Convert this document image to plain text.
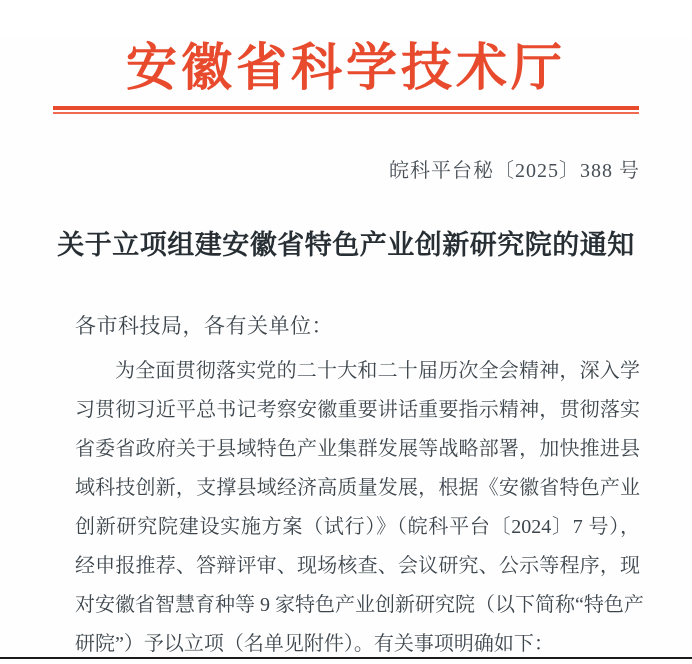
安徽省科学技术厅
皖科平台秘〔2025〕388 号
关于立项组建安徽省特色产业创新研究院的通知
各市科技局，各有关单位：
为全面贯彻落实党的二十大和二十届历次全会精神，深入学
习贯彻习近平总书记考察安徽重要讲话重要指示精神，贯彻落实
省委省政府关于县域特色产业集群发展等战略部署，加快推进县
域科技创新，支撑县域经济高质量发展，根据《安徽省特色产业
创新研究院建设实施方案（试行）》（皖科平台〔2024〕7 号），
经申报推荐、答辩评审、现场核查、会议研究、公示等程序，现
对安徽省智慧育种等 9 家特色产业创新研究院（以下简称“特色产
研院”）予以立项（名单见附件）。有关事项明确如下：
